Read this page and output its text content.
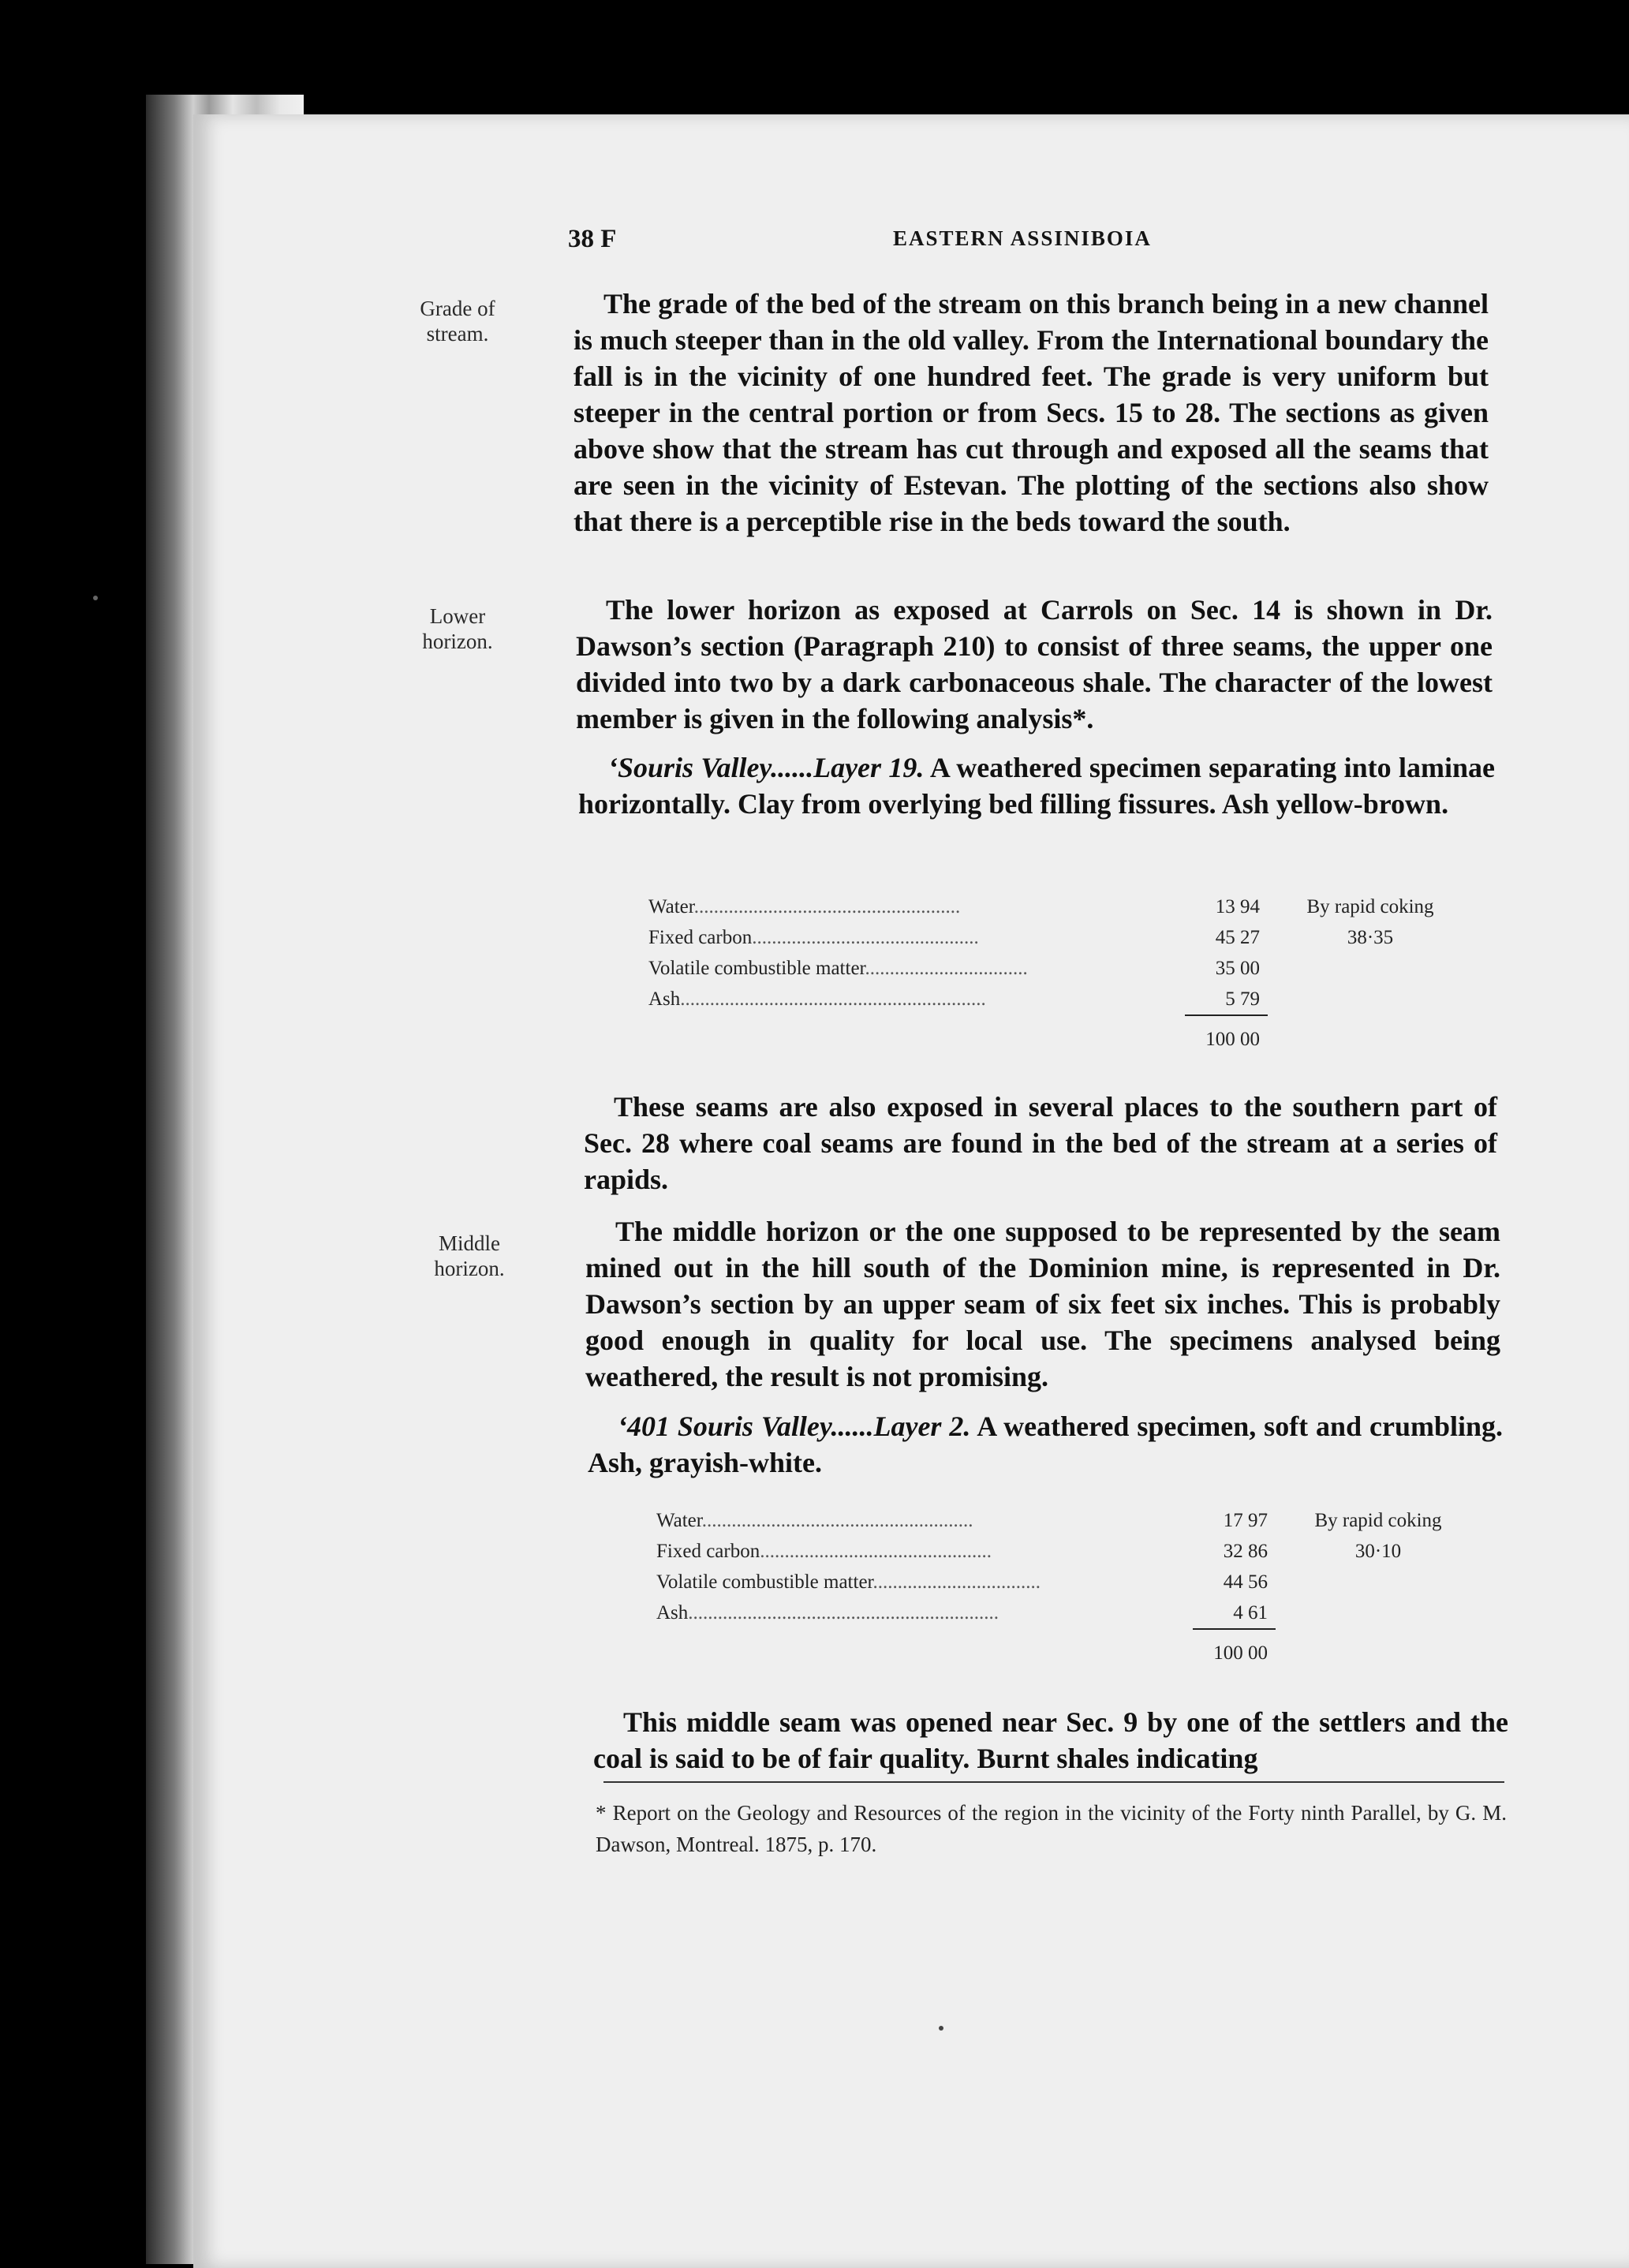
38 F	EASTERN ASSINIBOIA
Grade of stream.
Lower horizon.
Middle horizon.
The grade of the bed of the stream on this branch being in a new channel is much steeper than in the old valley. From the International boundary the fall is in the vicinity of one hundred feet. The grade is very uniform but steeper in the central portion or from Secs. 15 to 28. The sections as given above show that the stream has cut through and exposed all the seams that are seen in the vicinity of Estevan. The plotting of the sections also show that there is a perceptible rise in the beds toward the south.
The lower horizon as exposed at Carrols on Sec. 14 is shown in Dr. Dawson’s section (Paragraph 210) to consist of three seams, the upper one divided into two by a dark carbonaceous shale. The character of the lowest member is given in the following analysis*.
‘Souris Valley......Layer 19. A weathered specimen separating into laminae horizontally. Clay from overlying bed filling fissures. Ash yellow-brown.
Water......................................................	13 94	By rapid coking
Fixed carbon..............................................	45 27	38·35
Volatile combustible matter.................................	35 00	
Ash..............................................................	5 79	
	100 00	
These seams are also exposed in several places to the southern part of Sec. 28 where coal seams are found in the bed of the stream at a series of rapids.
The middle horizon or the one supposed to be represented by the seam mined out in the hill south of the Dominion mine, is represented in Dr. Dawson’s section by an upper seam of six feet six inches. This is probably good enough in quality for local use. The specimens analysed being weathered, the result is not promising.
‘401 Souris Valley......Layer 2. A weathered specimen, soft and crumbling. Ash, grayish-white.
Water.......................................................	17 97	By rapid coking
Fixed carbon...............................................	32 86	30·10
Volatile combustible matter..................................	44 56	
Ash...............................................................	4 61	
	100 00	
This middle seam was opened near Sec. 9 by one of the settlers and the coal is said to be of fair quality. Burnt shales indicating
* Report on the Geology and Resources of the region in the vicinity of the Forty ninth Parallel, by G. M. Dawson, Montreal. 1875, p. 170.
